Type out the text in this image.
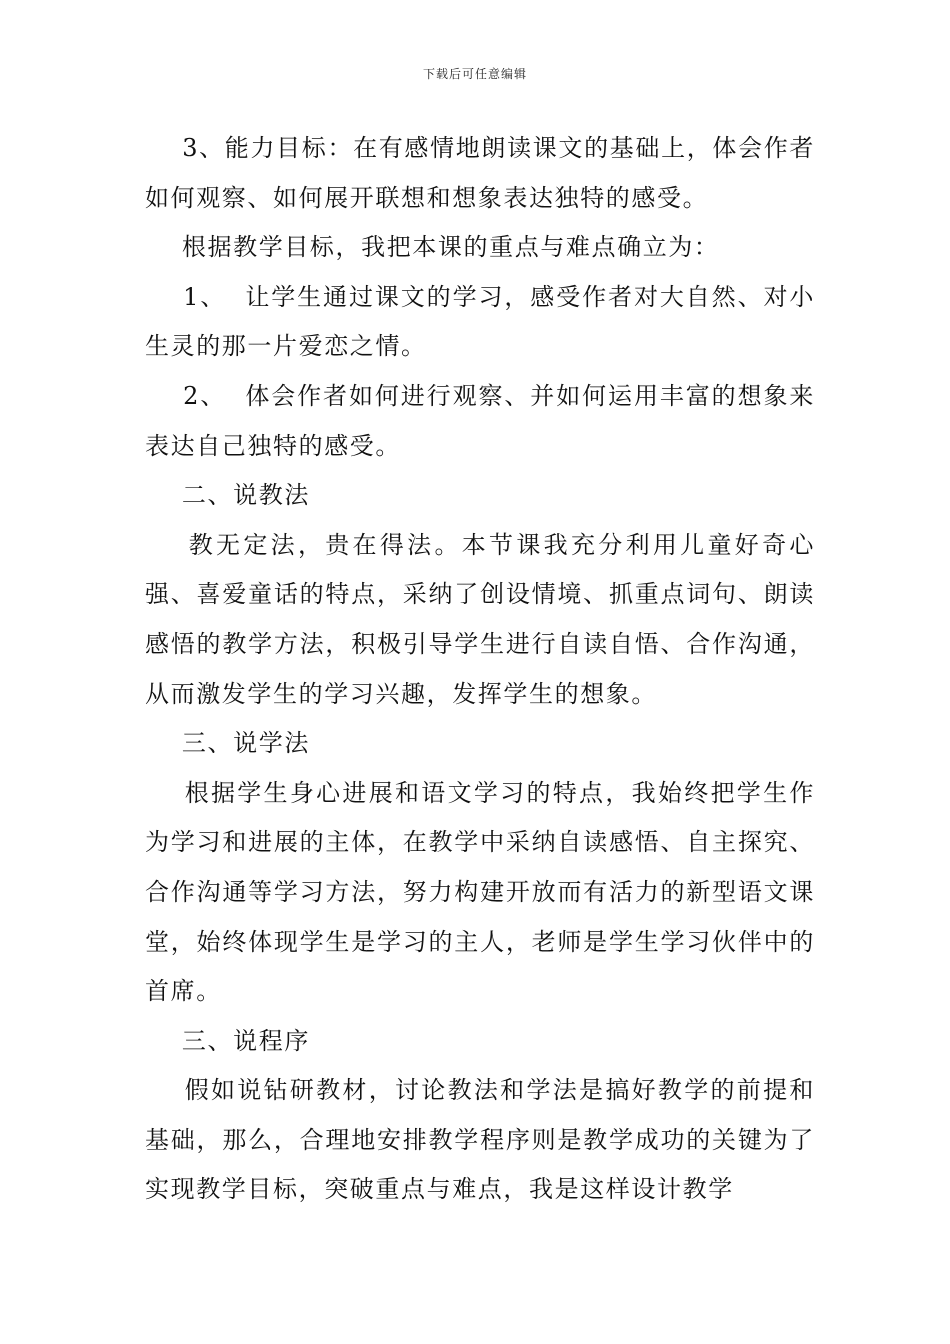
下载后可任意编辑

3、能力目标：在有感情地朗读课文的基础上，体会作者如何观察、如何展开联想和想象表达独特的感受。

根据教学目标，我把本课的重点与难点确立为：

1、  让学生通过课文的学习，感受作者对大自然、对小生灵的那一片爱恋之情。

2、  体会作者如何进行观察、并如何运用丰富的想象来表达自己独特的感受。

二、说教法

教无定法，贵在得法。本节课我充分利用儿童好奇心强、喜爱童话的特点，采纳了创设情境、抓重点词句、朗读感悟的教学方法，积极引导学生进行自读自悟、合作沟通，从而激发学生的学习兴趣，发挥学生的想象。

三、说学法

根据学生身心进展和语文学习的特点，我始终把学生作为学习和进展的主体，在教学中采纳自读感悟、自主探究、合作沟通等学习方法，努力构建开放而有活力的新型语文课堂，始终体现学生是学习的主人，老师是学生学习伙伴中的首席。

三、说程序

假如说钻研教材，讨论教法和学法是搞好教学的前提和基础，那么，合理地安排教学程序则是教学成功的关键为了实现教学目标，突破重点与难点，我是这样设计教学
